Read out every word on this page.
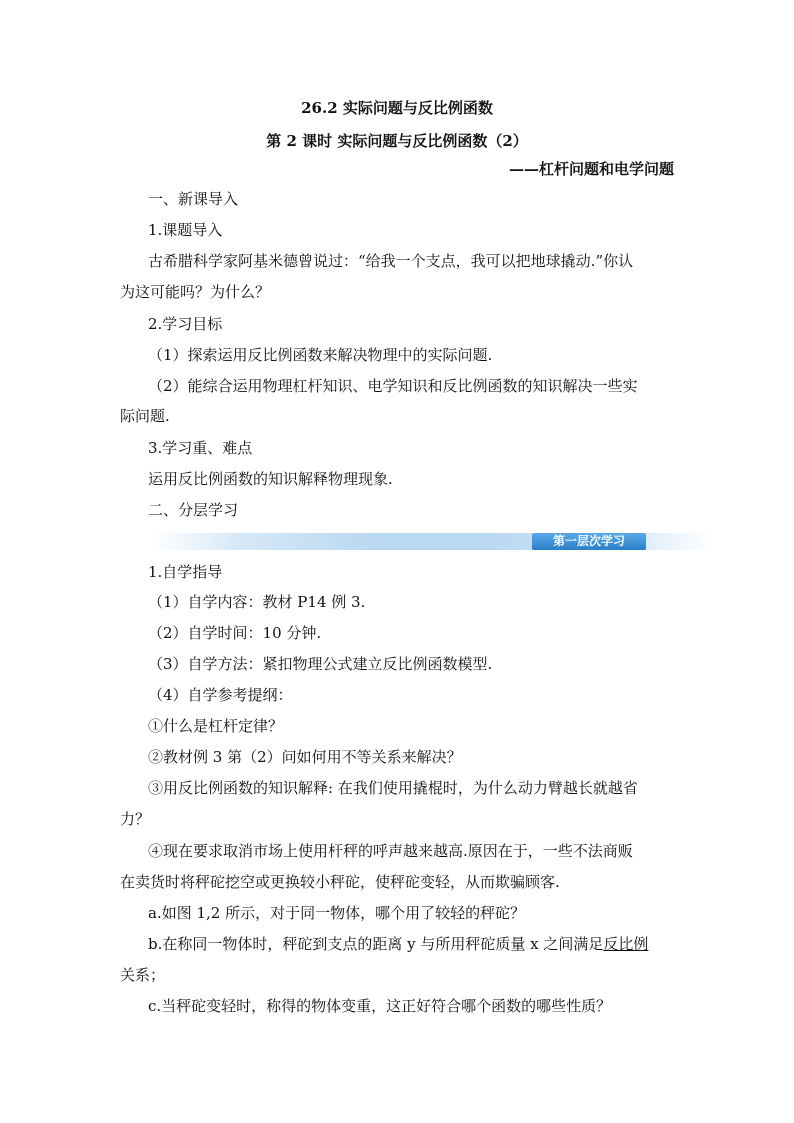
26.2 实际问题与反比例函数
第 2 课时 实际问题与反比例函数（2）
——杠杆问题和电学问题
一、新课导入
1.课题导入
古希腊科学家阿基米德曾说过：“给我一个支点，我可以把地球撬动.”你认
为这可能吗？为什么？
2.学习目标
（1）探索运用反比例函数来解决物理中的实际问题.
（2）能综合运用物理杠杆知识、电学知识和反比例函数的知识解决一些实
际问题.
3.学习重、难点
运用反比例函数的知识解释物理现象.
二、分层学习
第一层次学习
1.自学指导
（1）自学内容：教材 P14 例 3.
（2）自学时间：10 分钟.
（3）自学方法：紧扣物理公式建立反比例函数模型.
（4）自学参考提纲：
①什么是杠杆定律？
②教材例 3 第（2）问如何用不等关系来解决？
③用反比例函数的知识解释: 在我们使用撬棍时，为什么动力臂越长就越省
力？
④现在要求取消市场上使用杆秤的呼声越来越高.原因在于，一些不法商贩
在卖货时将秤砣挖空或更换较小秤砣，使秤砣变轻，从而欺骗顾客.
a.如图 1,2 所示，对于同一物体，哪个用了较轻的秤砣？
b.在称同一物体时，秤砣到支点的距离 y 与所用秤砣质量 x 之间满足反比例
关系；
c.当秤砣变轻时，称得的物体变重，这正好符合哪个函数的哪些性质？
